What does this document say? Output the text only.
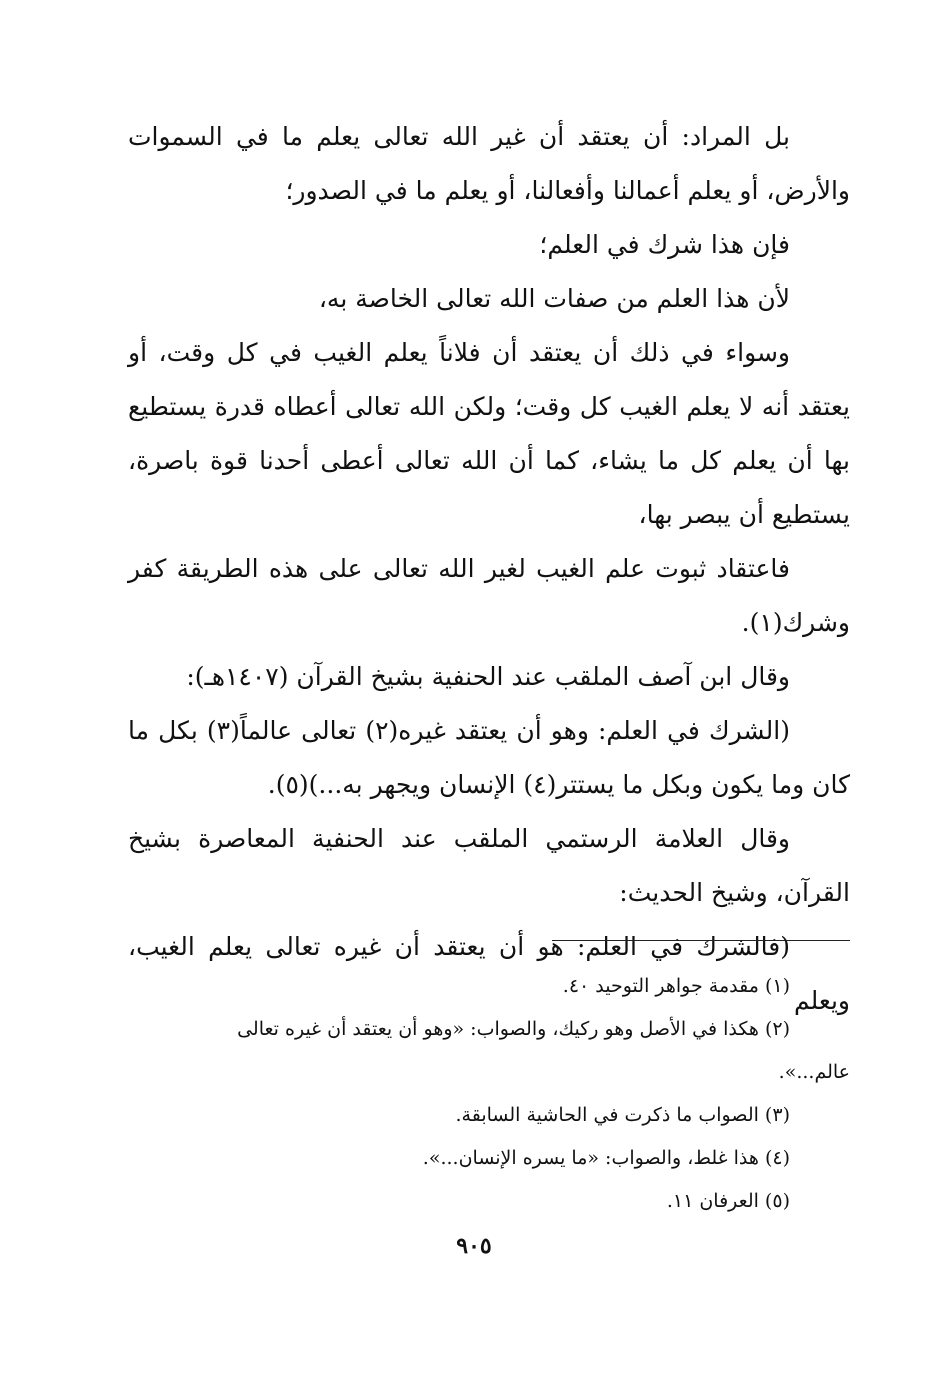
بل المراد: أن يعتقد أن غير الله تعالى يعلم ما في السموات والأرض، أو يعلم أعمالنا وأفعالنا، أو يعلم ما في الصدور؛

فإن هذا شرك في العلم؛

لأن هذا العلم من صفات الله تعالى الخاصة به،

وسواء في ذلك أن يعتقد أن فلاناً يعلم الغيب في كل وقت، أو يعتقد أنه لا يعلم الغيب كل وقت؛ ولكن الله تعالى أعطاه قدرة يستطيع بها أن يعلم كل ما يشاء، كما أن الله تعالى أعطى أحدنا قوة باصرة، يستطيع أن يبصر بها،

فاعتقاد ثبوت علم الغيب لغير الله تعالى على هذه الطريقة كفر وشرك(١).

وقال ابن آصف الملقب عند الحنفية بشيخ القرآن (١٤٠٧هـ):

(الشرك في العلم: وهو أن يعتقد غيره(٢) تعالى عالماً(٣) بكل ما كان وما يكون وبكل ما يستتر(٤) الإنسان ويجهر به...)(٥).

وقال العلامة الرستمي الملقب عند الحنفية المعاصرة بشيخ القرآن، وشيخ الحديث:

(فالشرك في العلم: هو أن يعتقد أن غيره تعالى يعلم الغيب، ويعلم

(١) مقدمة جواهر التوحيد ٤٠.

(٢) هكذا في الأصل وهو ركيك، والصواب: «وهو أن يعتقد أن غيره تعالى

عالم...».

(٣) الصواب ما ذكرت في الحاشية السابقة.

(٤) هذا غلط، والصواب: «ما يسره الإنسان...».

(٥) العرفان ١١.

٩٠٥
